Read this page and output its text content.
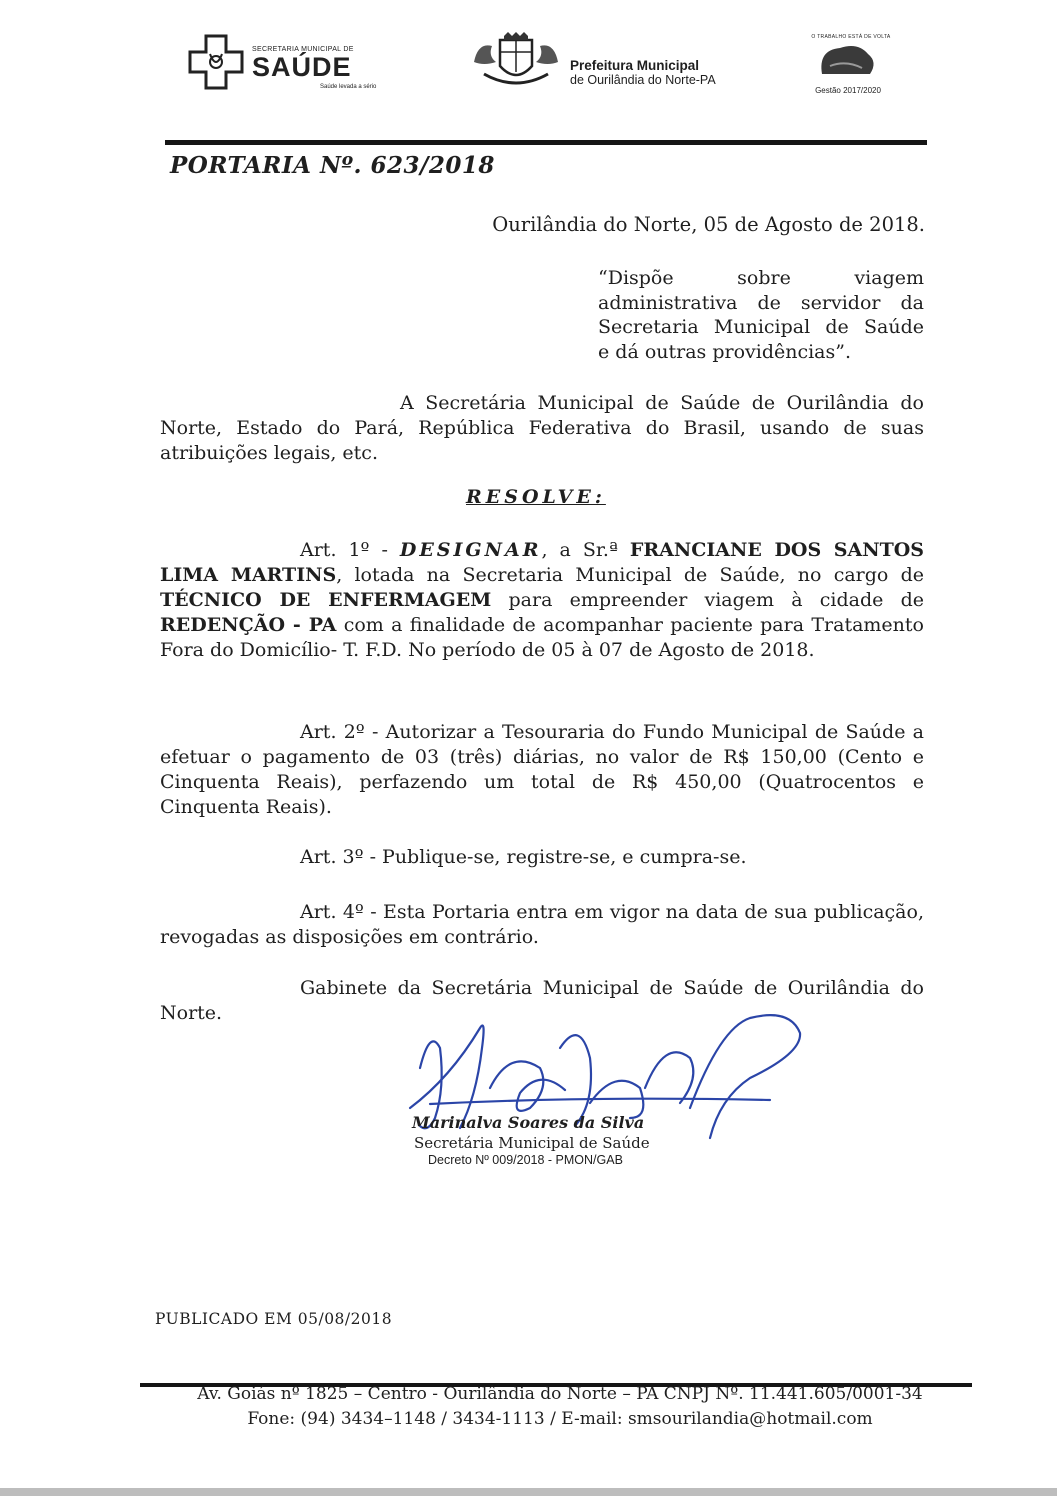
SECRETARIA MUNICIPAL DE
SAÚDE
Saúde levada a sério
Prefeitura Municipal
de Ourilândia do Norte-PA
O TRABALHO ESTÁ DE VOLTA
Gestão 2017/2020
PORTARIA Nº. 623/2018
Ourilândia do Norte, 05 de Agosto de 2018.
“Dispõe sobre viagem
administrativa de servidor da
Secretaria Municipal de Saúde
e dá outras providências”.
A Secretária Municipal de Saúde de Ourilândia do Norte, Estado do Pará, República Federativa do Brasil, usando de suas atribuições legais, etc.
RESOLVE:
Art. 1º - DESIGNAR, a Sr.ª FRANCIANE DOS SANTOS LIMA MARTINS, lotada na Secretaria Municipal de Saúde, no cargo de TÉCNICO DE ENFERMAGEM para empreender viagem à cidade de REDENÇÃO - PA com a finalidade de acompanhar paciente para Tratamento Fora do Domicílio- T. F.D. No período de 05 à 07 de Agosto de 2018.
Art. 2º - Autorizar a Tesouraria do Fundo Municipal de Saúde a efetuar o pagamento de 03 (três) diárias, no valor de R$ 150,00 (Cento e Cinquenta Reais), perfazendo um total de R$ 450,00 (Quatrocentos e Cinquenta Reais).
Art. 3º - Publique-se, registre-se, e cumpra-se.
Art. 4º - Esta Portaria entra em vigor na data de sua publicação, revogadas as disposições em contrário.
Gabinete da Secretária Municipal de Saúde de Ourilândia do Norte.
Marinalva Soares da Silva
Secretária Municipal de Saúde
Decreto Nº 009/2018 - PMON/GAB
PUBLICADO EM 05/08/2018
Av. Goiás nº 1825 – Centro - Ourilândia do Norte – PA CNPJ Nº. 11.441.605/0001-34
Fone: (94) 3434–1148 / 3434-1113 / E-mail: smsourilandia@hotmail.com
